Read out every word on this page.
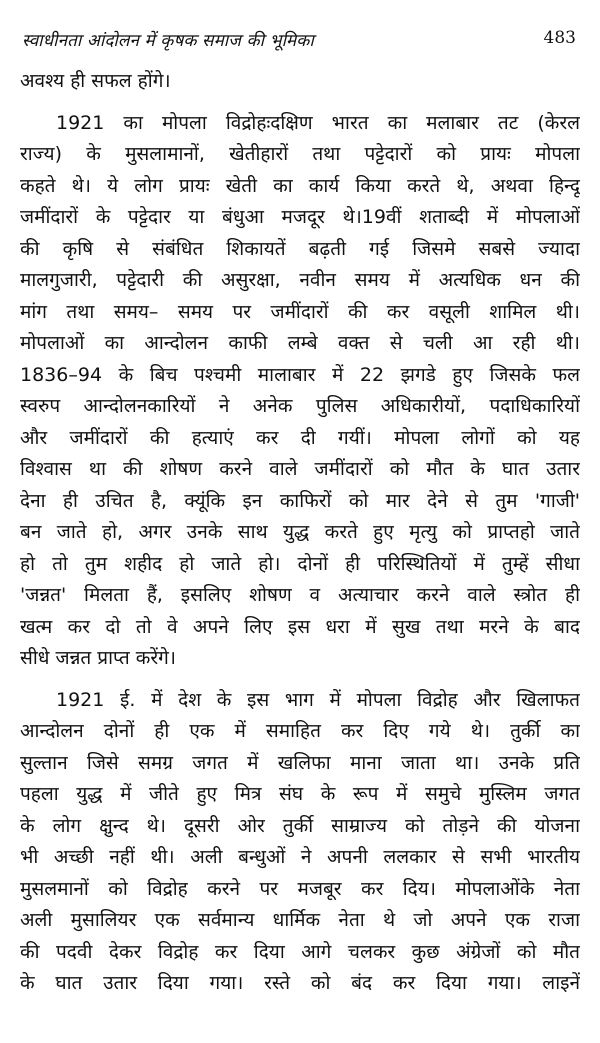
स्वाधीनता आंदोलन में कृषक समाज की भूमिका	483

अवश्य ही सफल होंगे।

1921 का मोपला विद्रोहःदक्षिण भारत का मलाबार तट (केरल
राज्य) के मुसलामानों, खेतीहारों तथा पट्टेदारों को प्रायः मोपला
कहते थे। ये लोग प्रायः खेती का कार्य किया करते थे, अथवा हिन्दू
जमींदारों के पट्टेदार या बंधुआ मजदूर थे।19वीं शताब्दी में मोपलाओं
की कृषि से संबंधित शिकायतें बढ़ती गई जिसमे सबसे ज्यादा
मालगुजारी, पट्टेदारी की असुरक्षा, नवीन समय में अत्यधिक धन की
मांग तथा समय– समय पर जमींदारों की कर वसूली शामिल थी।
मोपलाओं का आन्दोलन काफी लम्बे वक्त से चली आ रही थी।
1836–94 के बिच पश्चमी मालाबार में 22 झगडे हुए जिसके फल
स्वरुप आन्दोलनकारियों ने अनेक पुलिस अधिकारीयों, पदाधिकारियों
और जमींदारों की हत्याएं कर दी गयीं। मोपला लोगों को यह
विश्वास था की शोषण करने वाले जमींदारों को मौत के घात उतार
देना ही उचित है, क्यूंकि इन काफिरों को मार देने से तुम 'गाजी'
बन जाते हो, अगर उनके साथ युद्ध करते हुए मृत्यु को प्राप्तहो जाते
हो तो तुम शहीद हो जाते हो। दोनों ही परिस्थितियों में तुम्हें सीधा
'जन्नत' मिलता हैं, इसलिए शोषण व अत्याचार करने वाले स्त्रोत ही
खत्म कर दो तो वे अपने लिए इस धरा में सुख तथा मरने के बाद
सीधे जन्नत प्राप्त करेंगे।

1921 ई. में देश के इस भाग में मोपला विद्रोह और खिलाफत
आन्दोलन दोनों ही एक में समाहित कर दिए गये थे। तुर्की का
सुल्तान जिसे समग्र जगत में खलिफा माना जाता था। उनके प्रति
पहला युद्ध में जीते हुए मित्र संघ के रूप में समुचे मुस्लिम जगत
के लोग क्षुन्द थे। दूसरी ओर तुर्की साम्राज्य को तोड़ने की योजना
भी अच्छी नहीं थी। अली बन्धुओं ने अपनी ललकार से सभी भारतीय
मुसलमानों को विद्रोह करने पर मजबूर कर दिय। मोपलाओंके नेता
अली मुसालियर एक सर्वमान्य धार्मिक नेता थे जो अपने एक राजा
की पदवी देकर विद्रोह कर दिया आगे चलकर कुछ अंग्रेजों को मौत
के घात उतार दिया गया। रस्ते को बंद कर दिया गया। लाइनें
